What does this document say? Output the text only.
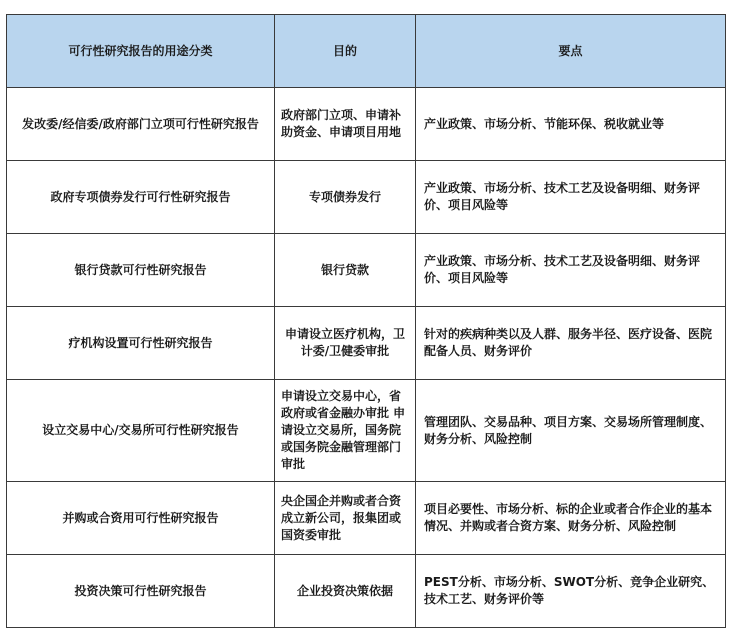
可行性研究报告的用途分类	目的	要点
发改委/经信委/政府部门立项可行性研究报告	政府部门立项、申请补助资金、申请项目用地	产业政策、市场分析、节能环保、税收就业等
政府专项债券发行可行性研究报告	专项债券发行	产业政策、市场分析、技术工艺及设备明细、财务评价、项目风险等
银行贷款可行性研究报告	银行贷款	产业政策、市场分析、技术工艺及设备明细、财务评价、项目风险等
疗机构设置可行性研究报告	申请设立医疗机构，卫计委/卫健委审批	针对的疾病种类以及人群、服务半径、医疗设备、医院配备人员、财务评价
设立交易中心/交易所可行性研究报告	申请设立交易中心，省政府或省金融办审批 申请设立交易所，国务院或国务院金融管理部门审批	管理团队、交易品种、项目方案、交易场所管理制度、财务分析、风险控制
并购或合资用可行性研究报告	央企国企并购或者合资成立新公司，报集团或国资委审批	项目必要性、市场分析、标的企业或者合作企业的基本情况、并购或者合资方案、财务分析、风险控制
投资决策可行性研究报告	企业投资决策依据	PEST分析、市场分析、SWOT分析、竞争企业研究、技术工艺、财务评价等
